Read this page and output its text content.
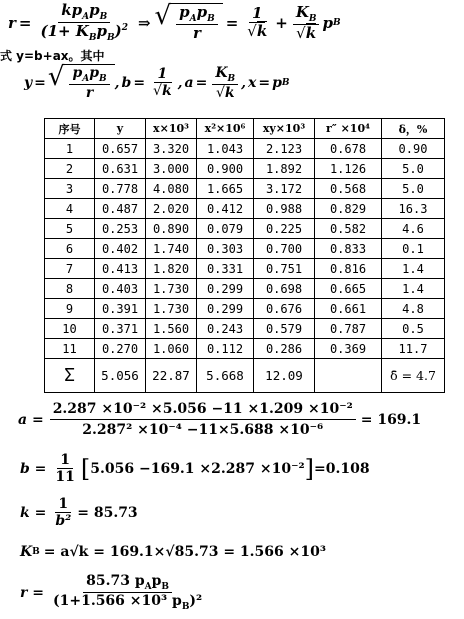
$r = \frac{kp_Ap_B}{(1+ K_Bp_B)^2}$ ⇒ √ $\frac{p_Ap_B}{r} = \frac{1}{√k} + \frac{K_B}{√k}$ p B
式 y=b+ax。其中
y = √ $\frac{p_Ap_B}{r}$ , $b = \frac{1}{√k}$ , $a = \frac{K_B}{√k}$ , x = p B
序号	y	x×10³	x²×10⁶	xy×10³	r″ ×10⁴	δ，%
1	0.657	3.320	1.043	2.123	0.678	0.90
2	0.631	3.000	0.900	1.892	1.126	5.0
3	0.778	4.080	1.665	3.172	0.568	5.0
4	0.487	2.020	0.412	0.988	0.829	16.3
5	0.253	0.890	0.079	0.225	0.582	4.6
6	0.402	1.740	0.303	0.700	0.833	0.1
7	0.413	1.820	0.331	0.751	0.816	1.4
8	0.403	1.730	0.299	0.698	0.665	1.4
9	0.391	1.730	0.299	0.676	0.661	4.8
10	0.371	1.560	0.243	0.579	0.787	0.5
11	0.270	1.060	0.112	0.286	0.369	11.7
Σ	5.056	22.87	5.668	12.09		δ̄ = 4.7
$a = \frac{\text{2.287 ×10⁻² ×5.056 −11 ×1.209 ×10⁻²}}{\text{2.287² ×10⁻⁴ −11×5.688 ×10⁻⁶}} = 169.1$
$b = \frac{1}{11}$ [ 5.056 −169.1 ×2.287 ×10⁻² ] =0.108
$k = \frac{1}{\text{b²}} = 85.73$
K B = a√k = 169.1×√85.73 = 1.566 ×10³
$r = \frac{85.73 p_Ap_B}{(1+1.566 \times 10^3 p_B)^2}$
